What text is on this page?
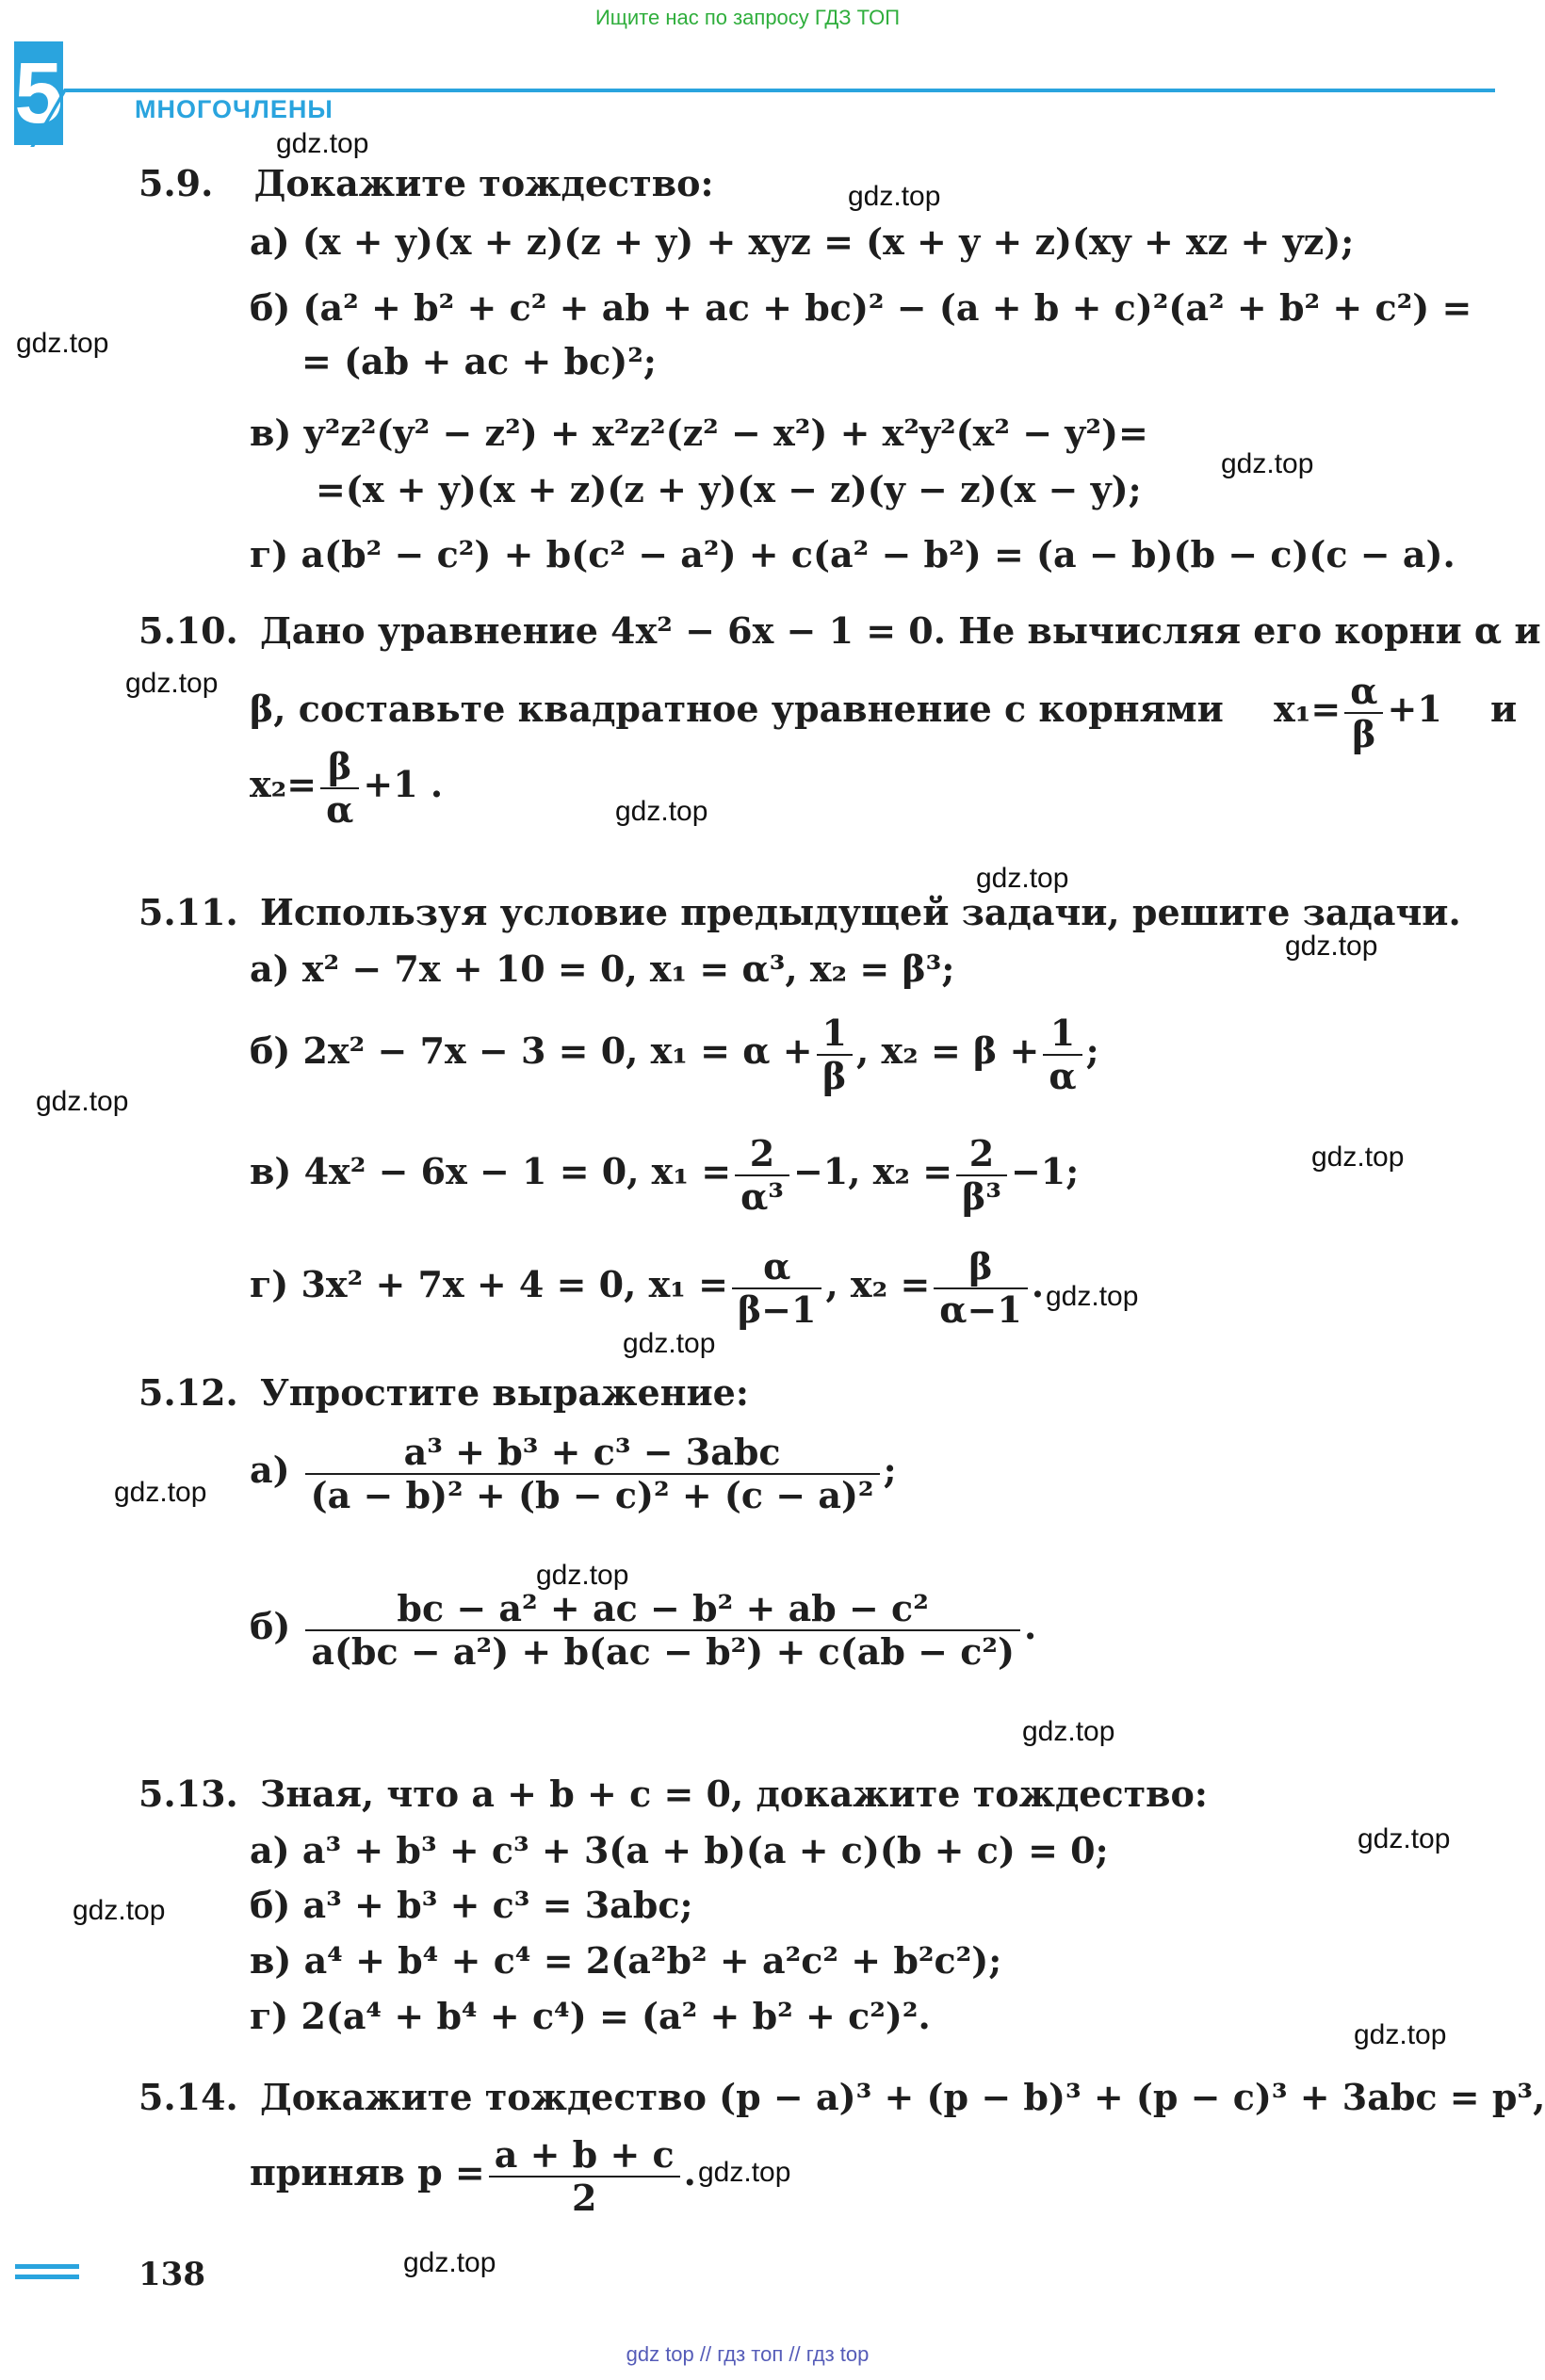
Ищите нас по запросу ГДЗ ТОП
5	МНОГОЧЛЕНЫ
gdz.top
gdz.top
gdz.top
gdz.top
gdz.top
gdz.top
gdz.top
gdz.top
gdz.top
gdz.top
gdz.top
gdz.top
gdz.top
gdz.top
gdz.top
gdz.top
gdz.top
gdz.top
gdz.top
gdz.top
5.9. Докажите тождество:
а) (x + y)(x + z)(z + y) + xyz = (x + y + z)(xy + xz + yz);
б) (a² + b² + c² + ab + ac + bc)² − (a + b + c)²(a² + b² + c²) =
= (ab + ac + bc)²;
в) y²z²(y² − z²) + x²z²(z² − x²) + x²y²(x² − y²)=
=(x + y)(x + z)(z + y)(x − z)(y − z)(x − y);
г) a(b² − c²) + b(c² − a²) + c(a² − b²) = (a − b)(b − c)(c − a).
5.10. Дано уравнение 4x² − 6x − 1 = 0. Не вычисляя его корни α и
β, составьте квадратное уравнение с корнями $x_1= \frac{\alpha}{\beta} +1$ и
$x_2= \frac{\beta}{\alpha} +1$ .
5.11. Используя условие предыдущей задачи, решите задачи.
а) x² − 7x + 10 = 0, x₁ = α³, x₂ = β³;
б) 2x² − 7x − 3 = 0, $x_1 = \alpha + \frac{1}{\beta}$ , $x_2 = \beta + \frac{1}{\alpha}$ ;
в) 4x² − 6x − 1 = 0, $x_1 = \frac{2}{\text{α³}} -1$, $x_2 = \frac{2}{\text{β³}} -1$;
г) 3x² + 7x + 4 = 0, $x_1 = \frac{\alpha}{\beta-1}$ , $x_2 = \frac{\beta}{\alpha-1}$ .
5.12. Упростите выражение:
$а) \frac{\text{a³ + b³ + c³ − 3abc}}{\text{(a − b)² + (b − c)² + (c − a)²}}$ ;
$б) \frac{\text{bc − a² + ac − b² + ab − c²}}{\text{a(bc − a²) + b(ac − b²) + c(ab − c²)}}$ .
5.13. Зная, что a + b + c = 0, докажите тождество:
а) a³ + b³ + c³ + 3(a + b)(a + c)(b + c) = 0;
б) a³ + b³ + c³ = 3abc;
в) a⁴ + b⁴ + c⁴ = 2(a²b² + a²c² + b²c²);
г) 2(a⁴ + b⁴ + c⁴) = (a² + b² + c²)².
5.14. Докажите тождество (p − a)³ + (p − b)³ + (p − c)³ + 3abc = p³,
приняв $p = \frac{a + b + c}{2}$ .
138
gdz top // гдз топ // гдз top
